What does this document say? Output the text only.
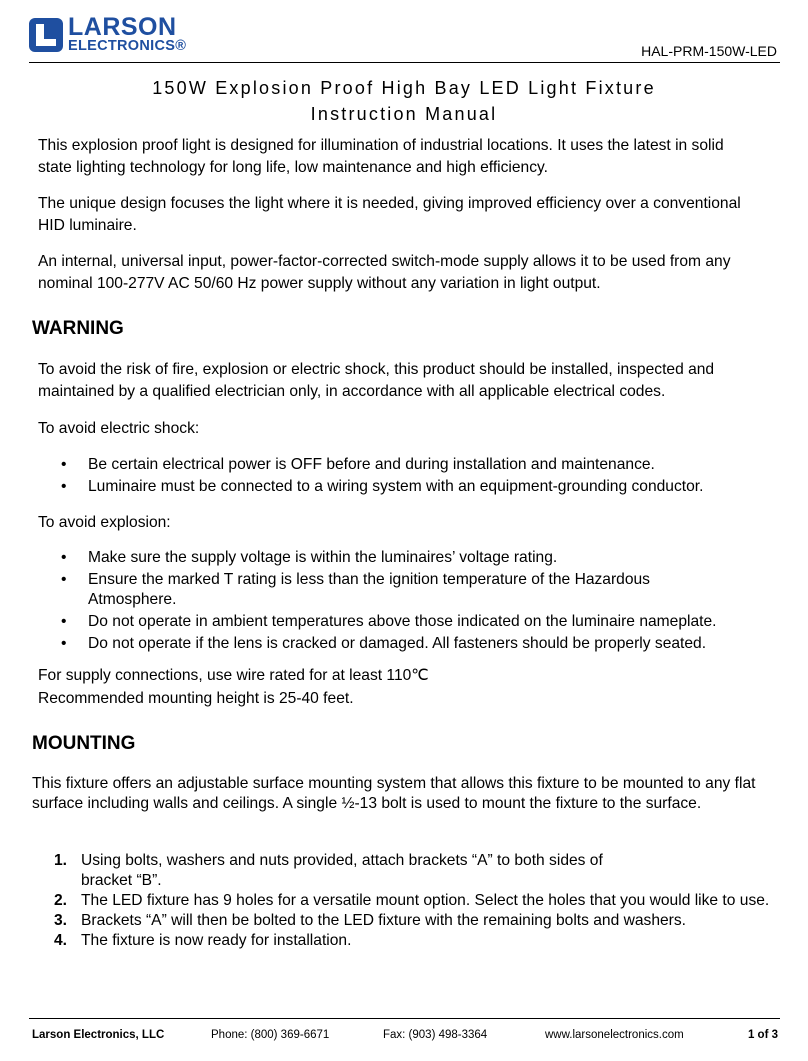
LARSON
ELECTRONICS®	HAL-PRM-150W-LED
150W Explosion Proof High Bay LED Light Fixture
Instruction Manual

This explosion proof light is designed for illumination of industrial locations. It uses the latest in solid state lighting technology for long life, low maintenance and high efficiency.

The unique design focuses the light where it is needed, giving improved efficiency over a conventional HID luminaire.

An internal, universal input, power-factor-corrected switch-mode supply allows it to be used from any nominal 100-277V AC 50/60 Hz power supply without any variation in light output.

WARNING

To avoid the risk of fire, explosion or electric shock, this product should be installed, inspected and maintained by a qualified electrician only, in accordance with all applicable electrical codes.

To avoid electric shock:

• Be certain electrical power is OFF before and during installation and maintenance.
• Luminaire must be connected to a wiring system with an equipment-grounding conductor.

To avoid explosion:

• Make sure the supply voltage is within the luminaires’ voltage rating.
• Ensure the marked T rating is less than the ignition temperature of the Hazardous Atmosphere.
• Do not operate in ambient temperatures above those indicated on the luminaire nameplate.
• Do not operate if the lens is cracked or damaged. All fasteners should be properly seated.

For supply connections, use wire rated for at least 110℃

Recommended mounting height is 25-40 feet.

MOUNTING

This fixture offers an adjustable surface mounting system that allows this fixture to be mounted to any flat surface including walls and ceilings. A single ½-13 bolt is used to mount the fixture to the surface.

1. Using bolts, washers and nuts provided, attach brackets “A” to both sides of bracket “B”.
2. The LED fixture has 9 holes for a versatile mount option. Select the holes that you would like to use.
3. Brackets “A” will then be bolted to the LED fixture with the remaining bolts and washers.
4. The fixture is now ready for installation.
Larson Electronics, LLC	Phone: (800) 369-6671	Fax: (903) 498-3364	www.larsonelectronics.com	1 of 3
